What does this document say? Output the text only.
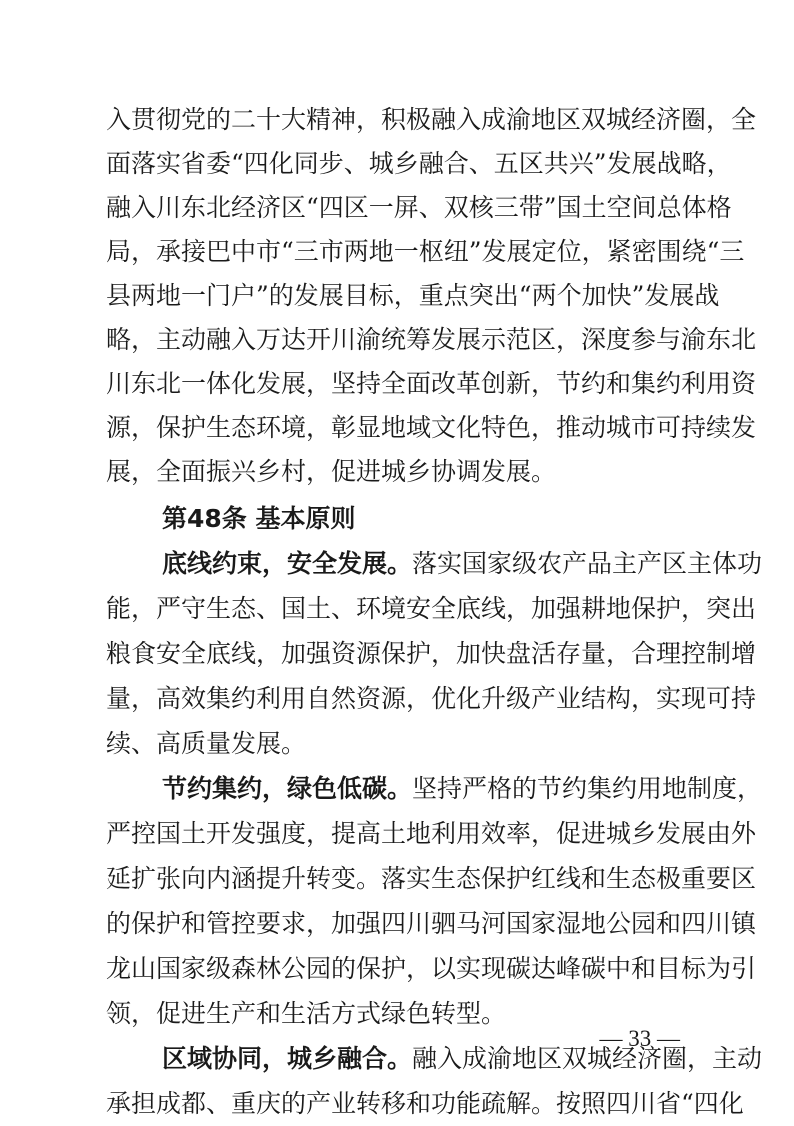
入贯彻党的二十大精神，积极融入成渝地区双城经济圈，全
面落实省委“四化同步、城乡融合、五区共兴”发展战略，
融入川东北经济区“四区一屏、双核三带”国土空间总体格
局，承接巴中市“三市两地一枢纽”发展定位，紧密围绕“三
县两地一门户”的发展目标，重点突出“两个加快”发展战
略，主动融入万达开川渝统筹发展示范区，深度参与渝东北
川东北一体化发展，坚持全面改革创新，节约和集约利用资
源，保护生态环境，彰显地域文化特色，推动城市可持续发
第48条 基本原则
底线约束，安全发展。落实国家级农产品主产区主体功
能，严守生态、国土、环境安全底线，加强耕地保护，突出
粮食安全底线，加强资源保护，加快盘活存量，合理控制增
量，高效集约利用自然资源，优化升级产业结构，实现可持
续、高质量发展。
节约集约，绿色低碳。坚持严格的节约集约用地制度，
严控国土开发强度，提高土地利用效率，促进城乡发展由外
延扩张向内涵提升转变。落实生态保护红线和生态极重要区
的保护和管控要求，加强四川驷马河国家湿地公园和四川镇
龙山国家级森林公园的保护，以实现碳达峰碳中和目标为引
领，促进生产和生活方式绿色转型。
区域协同，城乡融合。融入成渝地区双城经济圈，主动
承担成都、重庆的产业转移和功能疏解。按照四川省“四化
— 33 —
展，全面振兴乡村，促进城乡协调发展。
